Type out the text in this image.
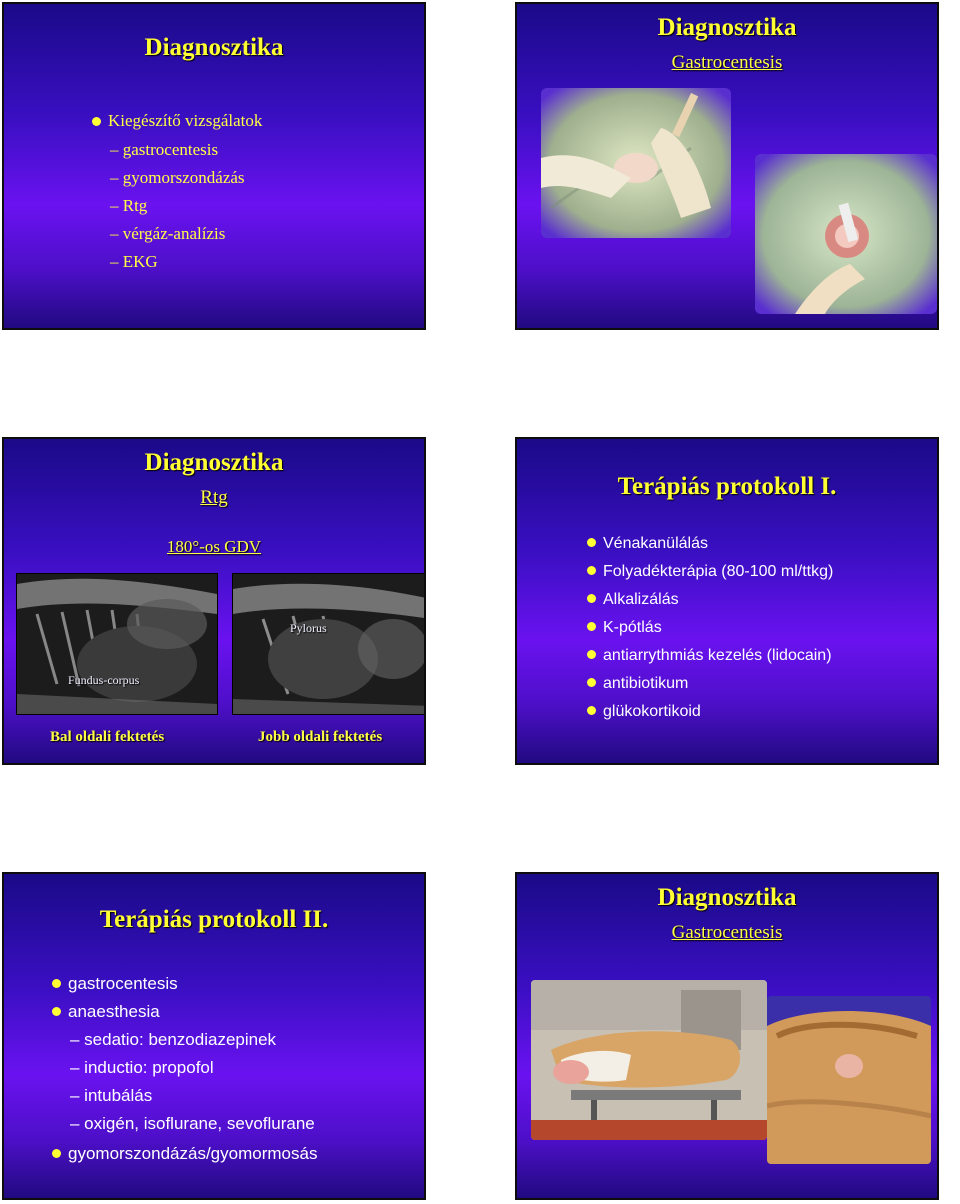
Diagnosztika
Kiegészítő vizsgálatok
– gastrocentesis
– gyomorszondázás
– Rtg
– vérgáz-analízis
– EKG
Diagnosztika
Gastrocentesis
Diagnosztika
Rtg
180°-os GDV
Fundus-corpus
Pylorus
Bal oldali fektetés	Jobb oldali fektetés
Terápiás protokoll I.
Vénakanülálás
Folyadékterápia (80-100 ml/ttkg)
Alkalizálás
K-pótlás
antiarrythmiás kezelés (lidocain)
antibiotikum
glükokortikoid
Terápiás protokoll II.
gastrocentesis
anaesthesia
– sedatio: benzodiazepinek
– inductio: propofol
– intubálás
– oxigén, isoflurane, sevoflurane
gyomorszondázás/gyomormosás
Diagnosztika
Gastrocentesis
